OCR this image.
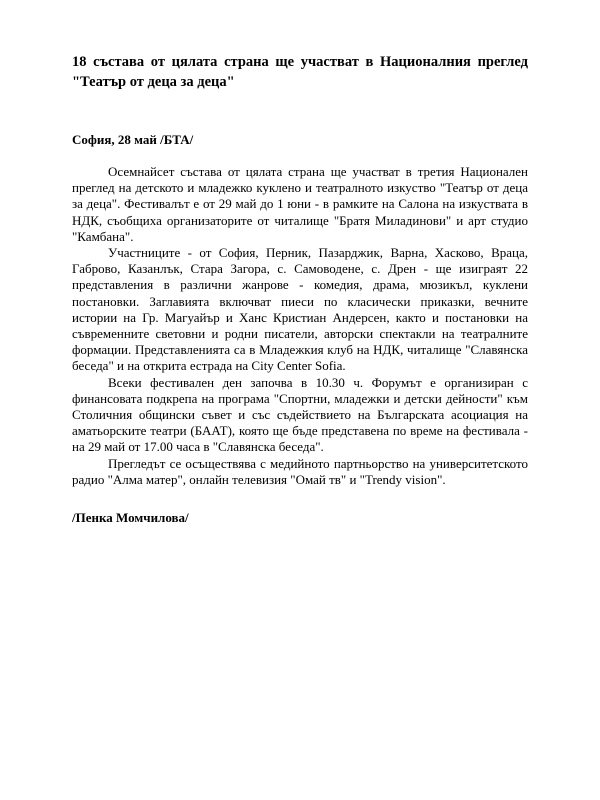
18 състава от цялата страна ще участват в Националния преглед "Театър от деца за деца"
София, 28 май /БТА/

Осемнайсет състава от цялата страна ще участват в третия Национален преглед на детското и младежко куклено и театралното изкуство "Театър от деца за деца". Фестивалът е от 29 май до 1 юни - в рамките на Салона на изкуствата в НДК, съобщиха организаторите от читалище "Братя Миладинови" и арт студио "Камбана".

Участниците - от София, Перник, Пазарджик, Варна, Хасково, Враца, Габрово, Казанлък, Стара Загора, с. Самоводене, с. Дрен - ще изиграят 22 представления в различни жанрове - комедия, драма, мюзикъл, куклени постановки. Заглавията включват пиеси по класически приказки, вечните истории на Гр. Магуайър и Ханс Кристиан Андерсен, както и постановки на съвременните световни и родни писатели, авторски спектакли на театралните формации. Представленията са в Младежкия клуб на НДК, читалище "Славянска беседа" и на открита естрада на City Center Sofia.

Всеки фестивален ден започва в 10.30 ч. Форумът е организиран с финансовата подкрепа на програма "Спортни, младежки и детски дейности" към Столичния общински съвет и със съдействието на Българската асоциация на аматьорските театри (БААТ), която ще бъде представена по време на фестивала - на 29 май от 17.00 часа в "Славянска беседа".

Прегледът се осъществява с медийното партньорство на университетското радио "Алма матер", онлайн телевизия "Омай тв" и "Trendy vision".

/Пенка Момчилова/
